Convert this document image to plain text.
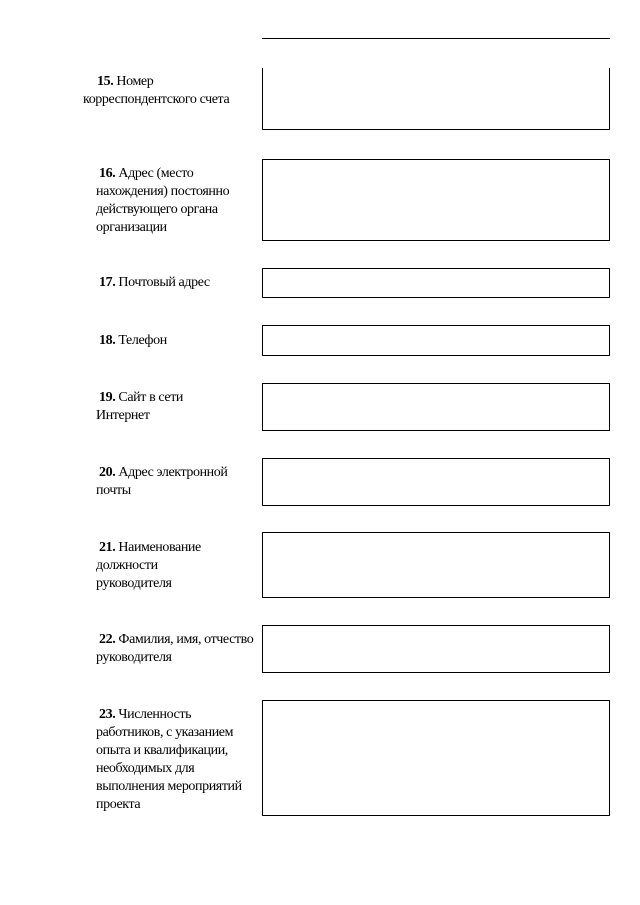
15. Номер корреспондентского счета
16. Адрес (место нахождения) постоянно действующего органа организации
17. Почтовый адрес
18. Телефон
19. Сайт в сети Интернет
20. Адрес электронной почты
21. Наименование должности руководителя
22. Фамилия, имя, отчество руководителя
23. Численность работников, с указанием опыта и квалификации, необходимых для выполнения мероприятий проекта
